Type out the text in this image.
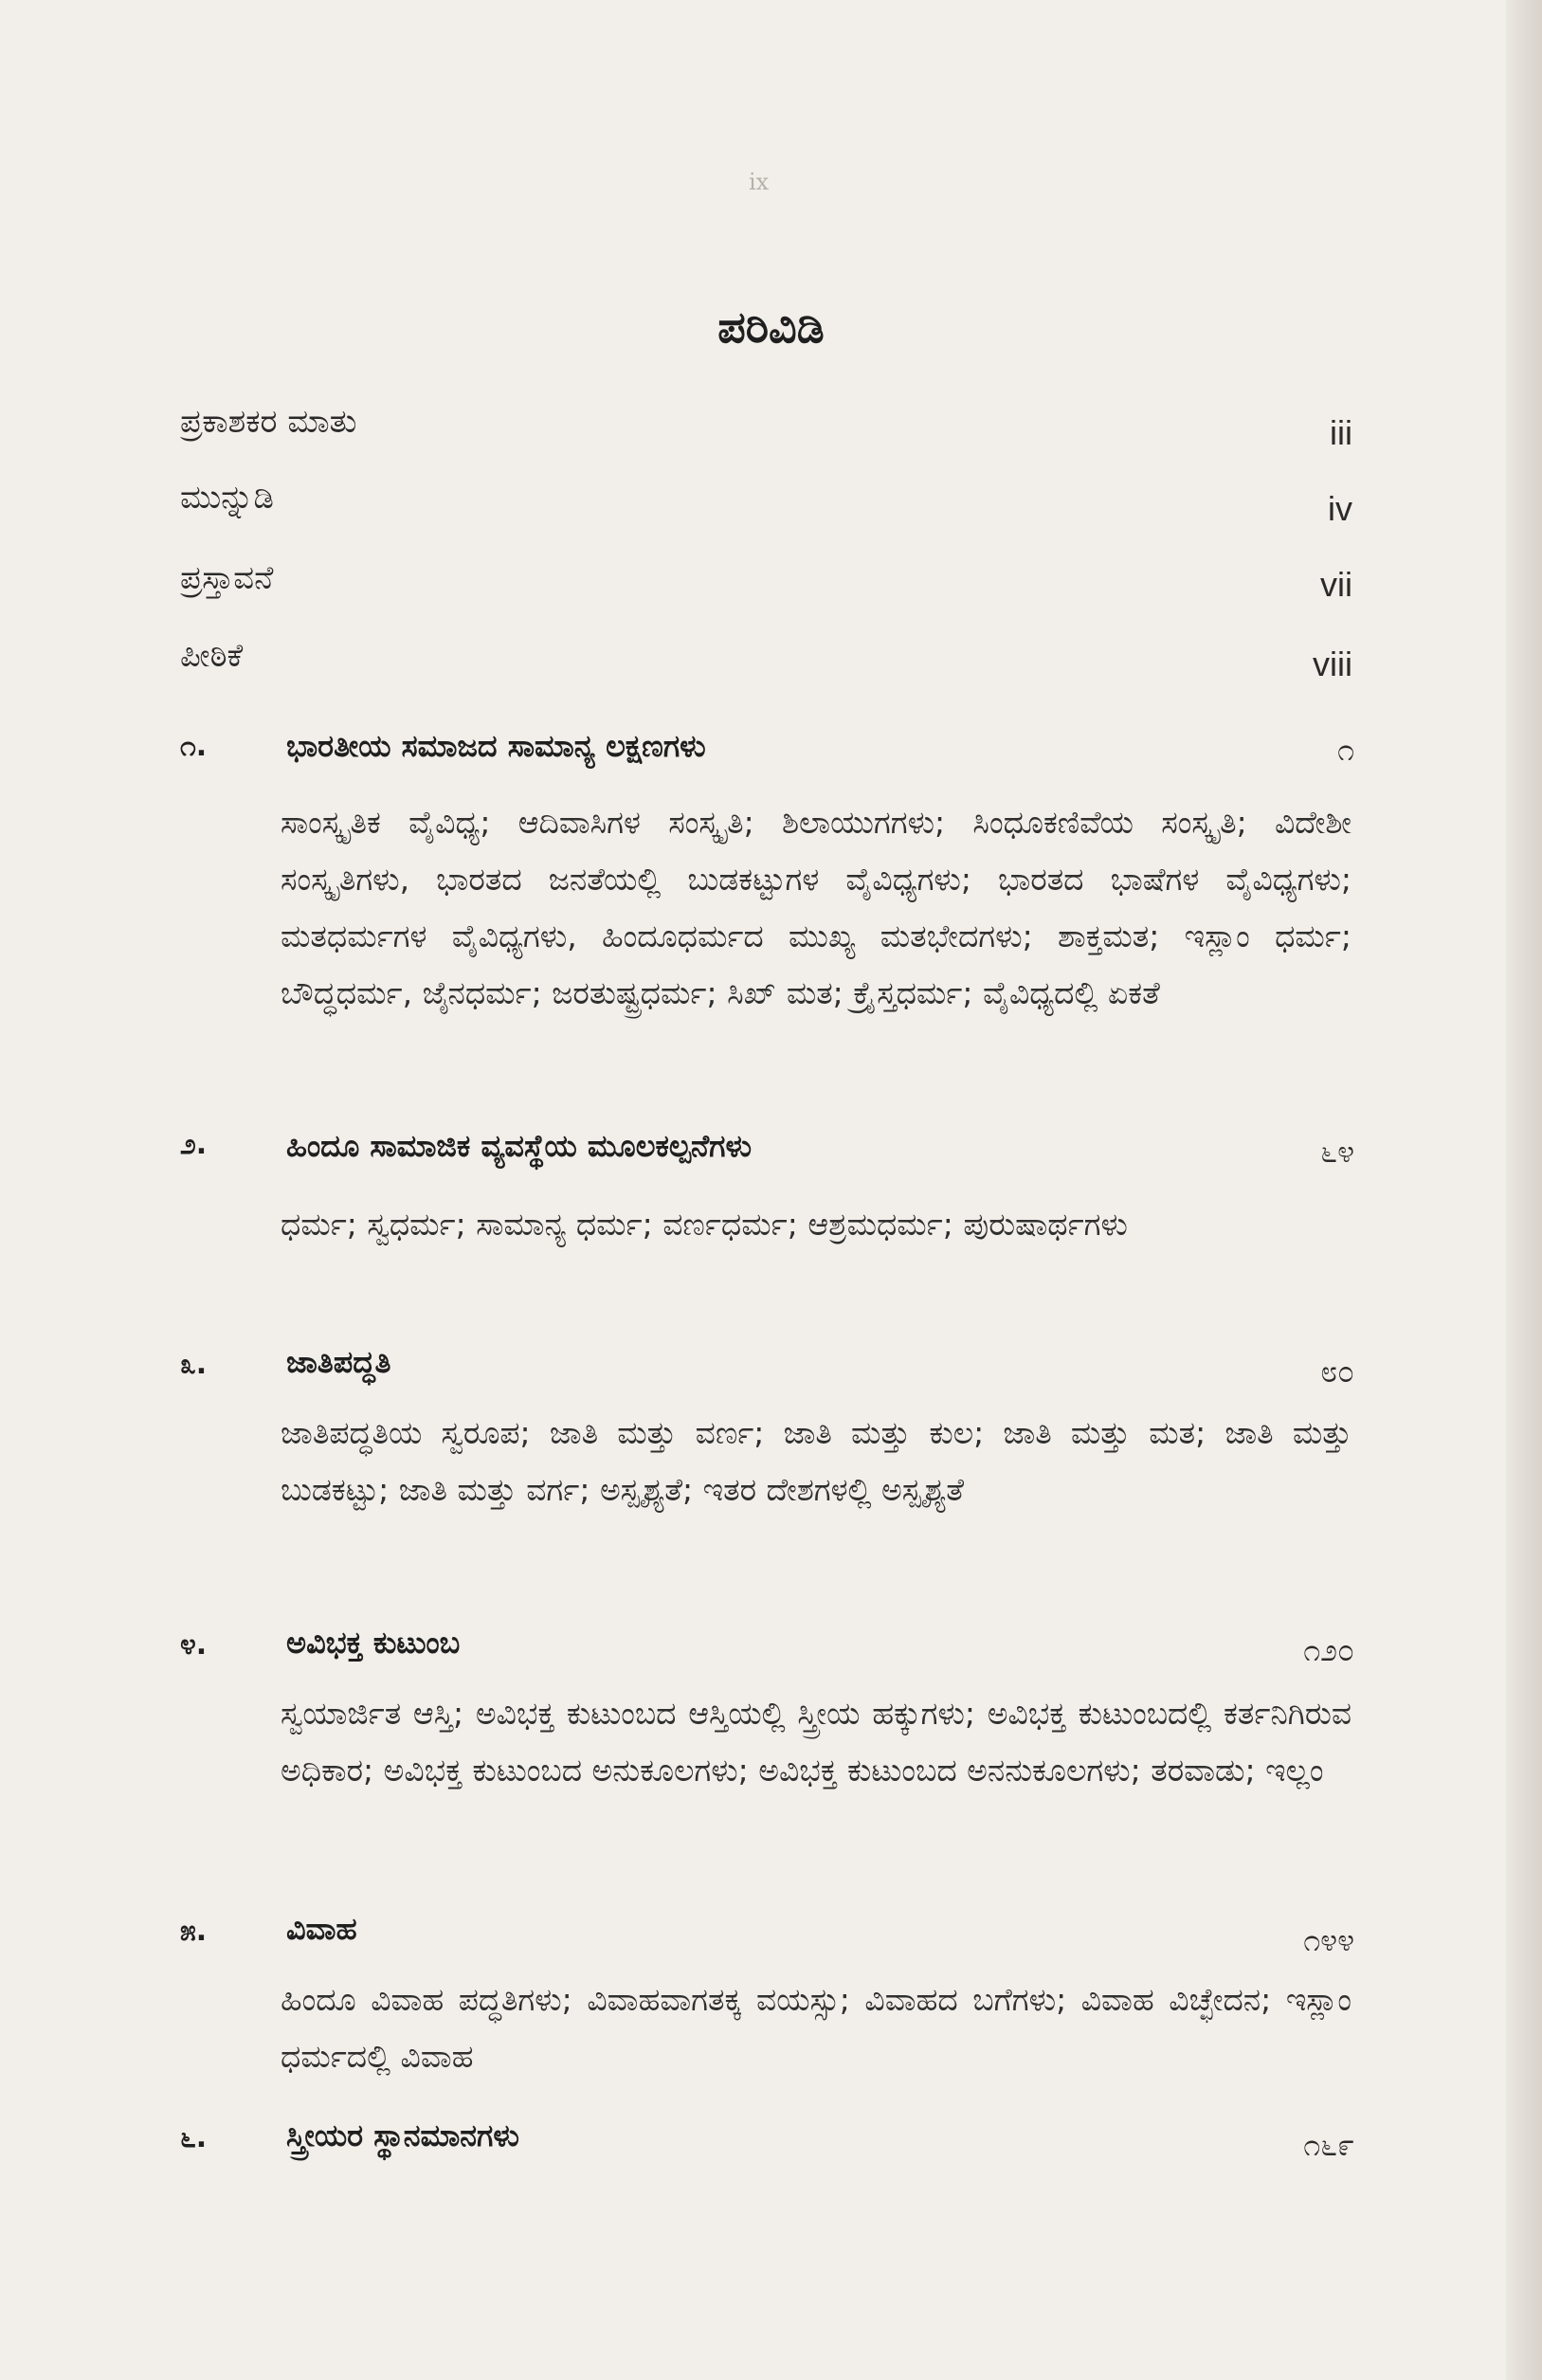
ix
ಪರಿವಿಡಿ
ಪ್ರಕಾಶಕರ ಮಾತು	iii
ಮುನ್ನುಡಿ	iv
ಪ್ರಸ್ತಾವನೆ	vii
ಪೀಠಿಕೆ	viii
೧.	ಭಾರತೀಯ ಸಮಾಜದ ಸಾಮಾನ್ಯ ಲಕ್ಷಣಗಳು	೧
ಸಾಂಸ್ಕೃತಿಕ ವೈವಿಧ್ಯ; ಆದಿವಾಸಿಗಳ ಸಂಸ್ಕೃತಿ; ಶಿಲಾಯುಗಗಳು; ಸಿಂಧೂಕಣಿವೆಯ ಸಂಸ್ಕೃತಿ; ವಿದೇಶೀ ಸಂಸ್ಕೃತಿಗಳು, ಭಾರತದ ಜನತೆಯಲ್ಲಿ ಬುಡಕಟ್ಟುಗಳ ವೈವಿಧ್ಯಗಳು; ಭಾರತದ ಭಾಷೆಗಳ ವೈವಿಧ್ಯಗಳು; ಮತಧರ್ಮಗಳ ವೈವಿಧ್ಯಗಳು, ಹಿಂದೂಧರ್ಮದ ಮುಖ್ಯ ಮತಭೇದಗಳು; ಶಾಕ್ತಮತ; ಇಸ್ಲಾಂ ಧರ್ಮ; ಬೌದ್ಧಧರ್ಮ, ಜೈನಧರ್ಮ; ಜರತುಷ್ಟ್ರಧರ್ಮ; ಸಿಖ್ ಮತ; ಕ್ರೈಸ್ತಧರ್ಮ; ವೈವಿಧ್ಯದಲ್ಲಿ ಏಕತೆ
೨.	ಹಿಂದೂ ಸಾಮಾಜಿಕ ವ್ಯವಸ್ಥೆಯ ಮೂಲಕಲ್ಪನೆಗಳು	೬೪
ಧರ್ಮ; ಸ್ವಧರ್ಮ; ಸಾಮಾನ್ಯ ಧರ್ಮ; ವರ್ಣಧರ್ಮ; ಆಶ್ರಮಧರ್ಮ; ಪುರುಷಾರ್ಥಗಳು
೩.	ಜಾತಿಪದ್ಧತಿ	೮೦
ಜಾತಿಪದ್ಧತಿಯ ಸ್ವರೂಪ; ಜಾತಿ ಮತ್ತು ವರ್ಣ; ಜಾತಿ ಮತ್ತು ಕುಲ; ಜಾತಿ ಮತ್ತು ಮತ; ಜಾತಿ ಮತ್ತು ಬುಡಕಟ್ಟು; ಜಾತಿ ಮತ್ತು ವರ್ಗ; ಅಸ್ಪೃಶ್ಯತೆ; ಇತರ ದೇಶಗಳಲ್ಲಿ ಅಸ್ಪೃಶ್ಯತೆ
೪.	ಅವಿಭಕ್ತ ಕುಟುಂಬ	೧೨೦
ಸ್ವಯಾರ್ಜಿತ ಆಸ್ತಿ; ಅವಿಭಕ್ತ ಕುಟುಂಬದ ಆಸ್ತಿಯಲ್ಲಿ ಸ್ತ್ರೀಯ ಹಕ್ಕುಗಳು; ಅವಿಭಕ್ತ ಕುಟುಂಬದಲ್ಲಿ ಕರ್ತನಿಗಿರುವ ಅಧಿಕಾರ; ಅವಿಭಕ್ತ ಕುಟುಂಬದ ಅನುಕೂಲಗಳು; ಅವಿಭಕ್ತ ಕುಟುಂಬದ ಅನನುಕೂಲಗಳು; ತರವಾಡು; ಇಲ್ಲಂ
೫.	ವಿವಾಹ	೧೪೪
ಹಿಂದೂ ವಿವಾಹ ಪದ್ಧತಿಗಳು; ವಿವಾಹವಾಗತಕ್ಕ ವಯಸ್ಸು; ವಿವಾಹದ ಬಗೆಗಳು; ವಿವಾಹ ವಿಚ್ಛೇದನ; ಇಸ್ಲಾಂ ಧರ್ಮದಲ್ಲಿ ವಿವಾಹ
೬.	ಸ್ತ್ರೀಯರ ಸ್ಥಾನಮಾನಗಳು	೧೬೯
